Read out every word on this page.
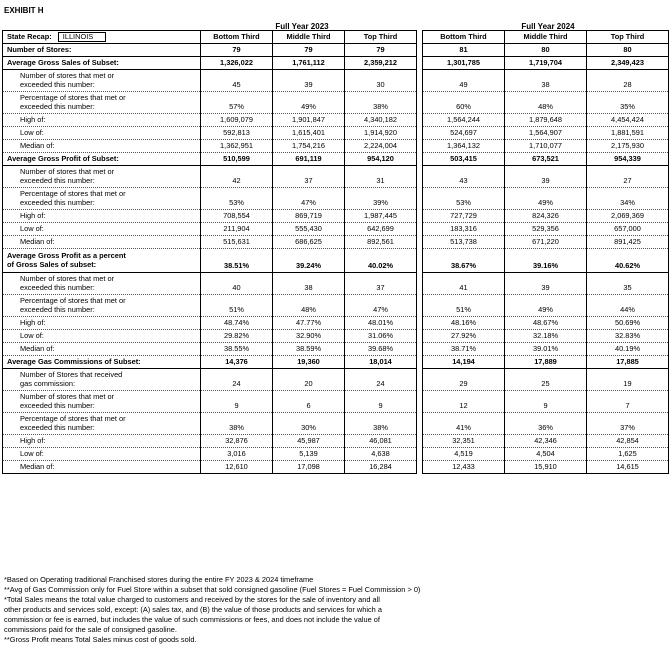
EXHIBIT H
Full Year 2023	Full Year 2024
State Recap: ILLINOIS	Bottom Third	Middle Third	Top Third		Bottom Third	Middle Third	Top Third
Number of Stores:	79	79	79		81	80	80
Average Gross Sales of Subset:	1,326,022	1,761,112	2,359,212		1,301,785	1,719,704	2,349,423
Number of stores that met or
exceeded this number:	45	39	30		49	38	28
Percentage of stores that met or
exceeded this number:	57%	49%	38%		60%	48%	35%
High of:	1,609,079	1,901,847	4,340,182		1,564,244	1,879,648	4,454,424
Low of:	592,813	1,615,401	1,914,920		524,697	1,564,907	1,881,591
Median of:	1,362,951	1,754,216	2,224,004		1,364,132	1,710,077	2,175,930
Average Gross Profit of Subset:	510,599	691,119	954,120		503,415	673,521	954,339
Number of stores that met or
exceeded this number:	42	37	31		43	39	27
Percentage of stores that met or
exceeded this number:	53%	47%	39%		53%	49%	34%
High of:	708,554	869,719	1,987,445		727,729	824,326	2,069,369
Low of:	211,904	555,430	642,699		183,316	529,356	657,000
Median of:	515,631	686,625	892,561		513,738	671,220	891,425
Average Gross Profit as a percent
of Gross Sales of subset:	38.51%	39.24%	40.02%		38.67%	39.16%	40.62%
Number of stores that met or
exceeded this number:	40	38	37		41	39	35
Percentage of stores that met or
exceeded this number:	51%	48%	47%		51%	49%	44%
High of:	48.74%	47.77%	48.01%		48.16%	48.67%	50.69%
Low of:	29.82%	32.90%	31.06%		27.92%	32.18%	32.83%
Median of:	38.55%	38.59%	39.68%		38.71%	39.01%	40.19%
Average Gas Commissions of Subset:	14,376	19,360	18,014		14,194	17,889	17,885
Number of Stores that received
gas commission:	24	20	24		29	25	19
Number of stores that met or
exceeded this number:	9	6	9		12	9	7
Percentage of stores that met or
exceeded this number:	38%	30%	38%		41%	36%	37%
High of:	32,876	45,987	46,081		32,351	42,346	42,854
Low of:	3,016	5,139	4,638		4,519	4,504	1,625
Median of:	12,610	17,098	16,284		12,433	15,910	14,615
*Based on Operating traditional Franchised stores during the entire FY 2023 & 2024 timeframe
**Avg of Gas Commission only for Fuel Store within a subset that sold consigned gasoline (Fuel Stores = Fuel Commission > 0)
*Total Sales means the total value charged to customers and received by the stores for the sale of inventory and all
other products and services sold, except: (A) sales tax, and (B) the value of those products and services for which a
commission or fee is earned, but includes the value of such commissions or fees, and does not include the value of
commissions paid for the sale of consigned gasoline.
**Gross Profit means Total Sales minus cost of goods sold.
